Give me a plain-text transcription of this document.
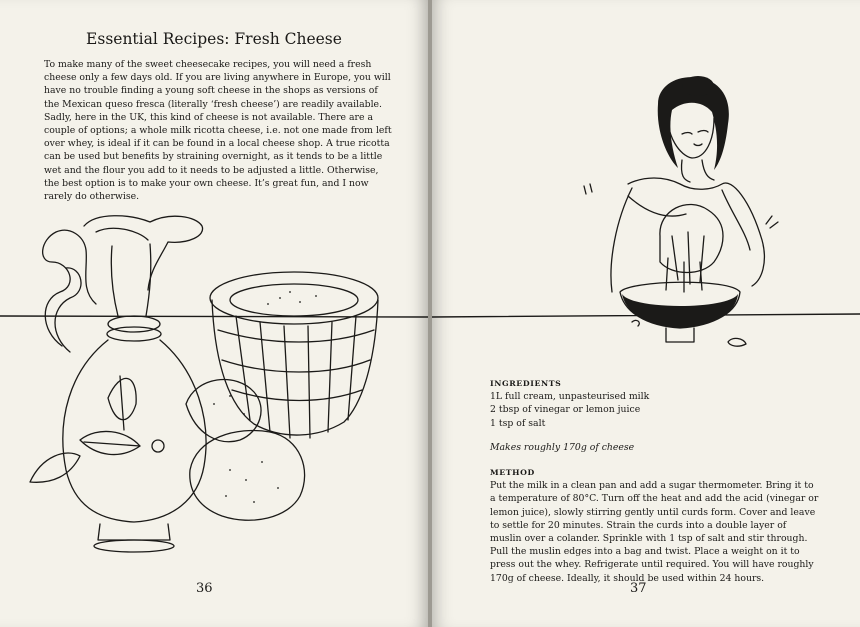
Essential Recipes: Fresh Cheese

To make many of the sweet cheesecake recipes, you will need a fresh cheese only a few days old. If you are living anywhere in Europe, you will have no trouble finding a young soft cheese in the shops as versions of the Mexican queso fresca (literally ‘fresh cheese’) are readily available. Sadly, here in the UK, this kind of cheese is not available. There are a couple of options; a whole milk ricotta cheese, i.e. not one made from left over whey, is ideal if it can be found in a local cheese shop. A true ricotta can be used but benefits by straining overnight, as it tends to be a little wet and the flour you add to it needs to be adjusted a little. Otherwise, the best option is to make your own cheese. It’s great fun, and I now rarely do otherwise.

36
INGREDIENTS
1L full cream, unpasteurised milk
2 tbsp of vinegar or lemon juice
1 tsp of salt
Makes roughly 170g of cheese
METHOD

Put the milk in a clean pan and add a sugar thermometer. Bring it to a temperature of 80°C. Turn off the heat and add the acid (vinegar or lemon juice), slowly stirring gently until curds form. Cover and leave to settle for 20 minutes. Strain the curds into a double layer of muslin over a colander. Sprinkle with 1 tsp of salt and stir through. Pull the muslin edges into a bag and twist. Place a weight on it to press out the whey. Refrigerate until required. You will have roughly 170g of cheese. Ideally, it should be used within 24 hours.

37
